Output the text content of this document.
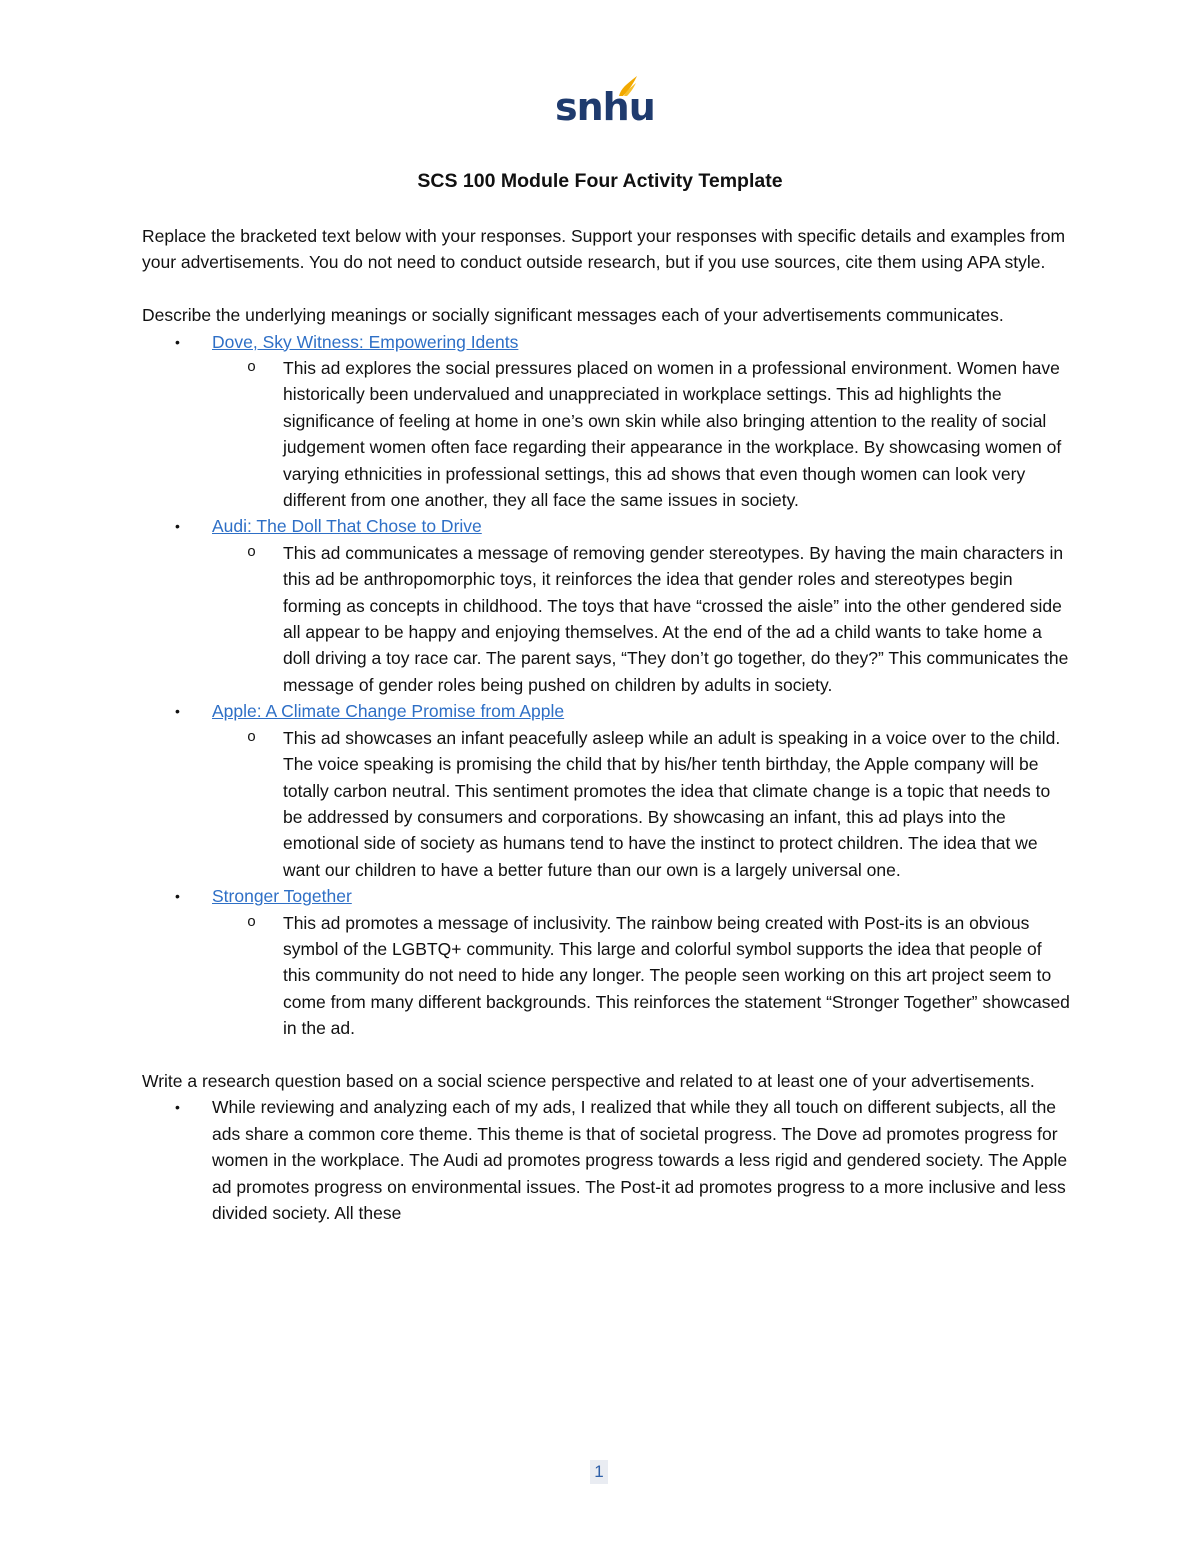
snhu
SCS 100 Module Four Activity Template

Replace the bracketed text below with your responses. Support your responses with specific details and examples from your advertisements. You do not need to conduct outside research, but if you use sources, cite them using APA style.

Describe the underlying meanings or socially significant messages each of your advertisements communicates.

• Dove, Sky Witness: Empowering Idents
o This ad explores the social pressures placed on women in a professional environment. Women have historically been undervalued and unappreciated in workplace settings. This ad highlights the significance of feeling at home in one’s own skin while also bringing attention to the reality of social judgement women often face regarding their appearance in the workplace. By showcasing women of varying ethnicities in professional settings, this ad shows that even though women can look very different from one another, they all face the same issues in society.
• Audi: The Doll That Chose to Drive
o This ad communicates a message of removing gender stereotypes. By having the main characters in this ad be anthropomorphic toys, it reinforces the idea that gender roles and stereotypes begin forming as concepts in childhood. The toys that have “crossed the aisle” into the other gendered side all appear to be happy and enjoying themselves. At the end of the ad a child wants to take home a doll driving a toy race car. The parent says, “They don’t go together, do they?” This communicates the message of gender roles being pushed on children by adults in society.
• Apple: A Climate Change Promise from Apple
o This ad showcases an infant peacefully asleep while an adult is speaking in a voice over to the child. The voice speaking is promising the child that by his/her tenth birthday, the Apple company will be totally carbon neutral. This sentiment promotes the idea that climate change is a topic that needs to be addressed by consumers and corporations. By showcasing an infant, this ad plays into the emotional side of society as humans tend to have the instinct to protect children. The idea that we want our children to have a better future than our own is a largely universal one.
• Stronger Together
o This ad promotes a message of inclusivity. The rainbow being created with Post-its is an obvious symbol of the LGBTQ+ community. This large and colorful symbol supports the idea that people of this community do not need to hide any longer. The people seen working on this art project seem to come from many different backgrounds. This reinforces the statement “Stronger Together” showcased in the ad.

Write a research question based on a social science perspective and related to at least one of your advertisements.

• While reviewing and analyzing each of my ads, I realized that while they all touch on different subjects, all the ads share a common core theme. This theme is that of societal progress. The Dove ad promotes progress for women in the workplace. The Audi ad promotes progress towards a less rigid and gendered society. The Apple ad promotes progress on environmental issues. The Post-it ad promotes progress to a more inclusive and less divided society. All these
1
